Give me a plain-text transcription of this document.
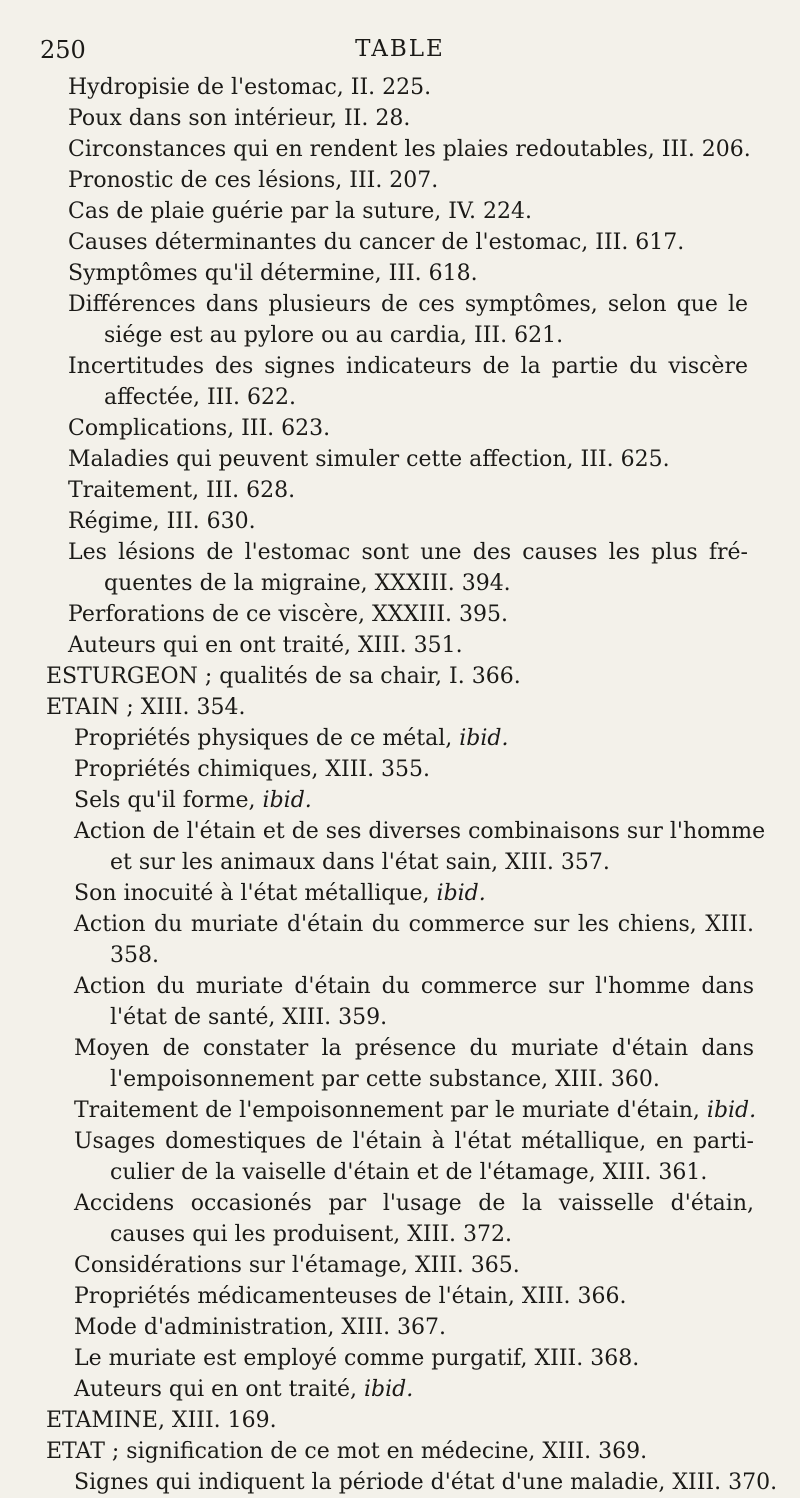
250	TABLE
Hydropisie de l'estomac, II. 225.
Poux dans son intérieur, II. 28.
Circonstances qui en rendent les plaies redoutables, III. 206.
Pronostic de ces lésions, III. 207.
Cas de plaie guérie par la suture, IV. 224.
Causes déterminantes du cancer de l'estomac, III. 617.
Symptômes qu'il détermine, III. 618.
Différences dans plusieurs de ces symptômes, selon que le
siége est au pylore ou au cardia, III. 621.
Incertitudes des signes indicateurs de la partie du viscère
affectée, III. 622.
Complications, III. 623.
Maladies qui peuvent simuler cette affection, III. 625.
Traitement, III. 628.
Régime, III. 630.
Les lésions de l'estomac sont une des causes les plus fré-
quentes de la migraine, XXXIII. 394.
Perforations de ce viscère, XXXIII. 395.
Auteurs qui en ont traité, XIII. 351.
ESTURGEON ; qualités de sa chair, I. 366.
ETAIN ; XIII. 354.
Propriétés physiques de ce métal, ibid.
Propriétés chimiques, XIII. 355.
Sels qu'il forme, ibid.
Action de l'étain et de ses diverses combinaisons sur l'homme
et sur les animaux dans l'état sain, XIII. 357.
Son inocuité à l'état métallique, ibid.
Action du muriate d'étain du commerce sur les chiens, XIII.
358.
Action du muriate d'étain du commerce sur l'homme dans
l'état de santé, XIII. 359.
Moyen de constater la présence du muriate d'étain dans
l'empoisonnement par cette substance, XIII. 360.
Traitement de l'empoisonnement par le muriate d'étain, ibid.
Usages domestiques de l'étain à l'état métallique, en parti-
culier de la vaiselle d'étain et de l'étamage, XIII. 361.
Accidens occasionés par l'usage de la vaisselle d'étain,
causes qui les produisent, XIII. 372.
Considérations sur l'étamage, XIII. 365.
Propriétés médicamenteuses de l'étain, XIII. 366.
Mode d'administration, XIII. 367.
Le muriate est employé comme purgatif, XIII. 368.
Auteurs qui en ont traité, ibid.
ETAMINE, XIII. 169.
ETAT ; signification de ce mot en médecine, XIII. 369.
Signes qui indiquent la période d'état d'une maladie, XIII. 370.
